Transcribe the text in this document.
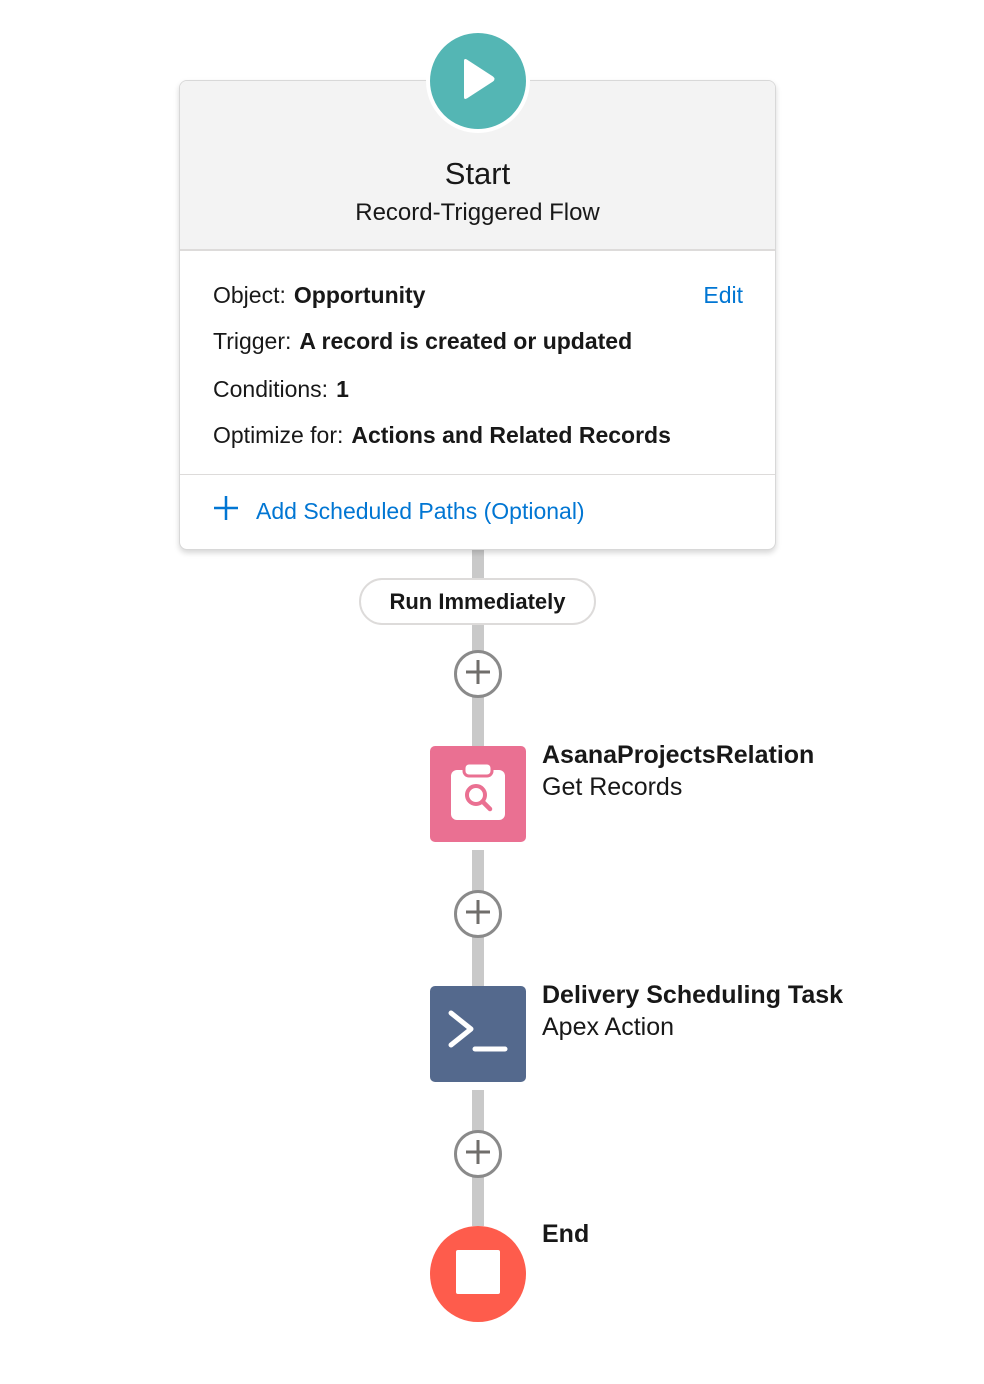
Start
Record-Triggered Flow
Object: Opportunity	Edit
Trigger: A record is created or updated
Conditions: 1
Optimize for: Actions and Related Records
Add Scheduled Paths (Optional)
Run Immediately
AsanaProjectsRelation
Get Records
Delivery Scheduling Task
Apex Action
End
